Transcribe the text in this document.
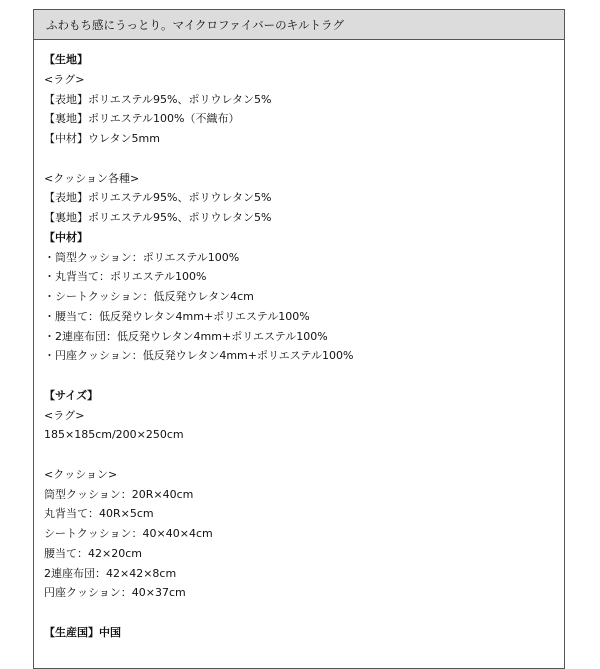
ふわもち感にうっとり。マイクロファイバーのキルトラグ
【生地】
<ラグ>
【表地】ポリエステル95%、ポリウレタン5%
【裏地】ポリエステル100%（不織布）
【中材】ウレタン5mm
<クッション各種>
【表地】ポリエステル95%、ポリウレタン5%
【裏地】ポリエステル95%、ポリウレタン5%
【中材】
・筒型クッション：ポリエステル100%
・丸背当て：ポリエステル100%
・シートクッション：低反発ウレタン4cm
・腰当て：低反発ウレタン4mm+ポリエステル100%
・2連座布団：低反発ウレタン4mm+ポリエステル100%
・円座クッション：低反発ウレタン4mm+ポリエステル100%
【サイズ】
<ラグ>
185×185cm/200×250cm
<クッション>
筒型クッション：20R×40cm
丸背当て：40R×5cm
シートクッション：40×40×4cm
腰当て：42×20cm
2連座布団：42×42×8cm
円座クッション：40×37cm
【生産国】中国
